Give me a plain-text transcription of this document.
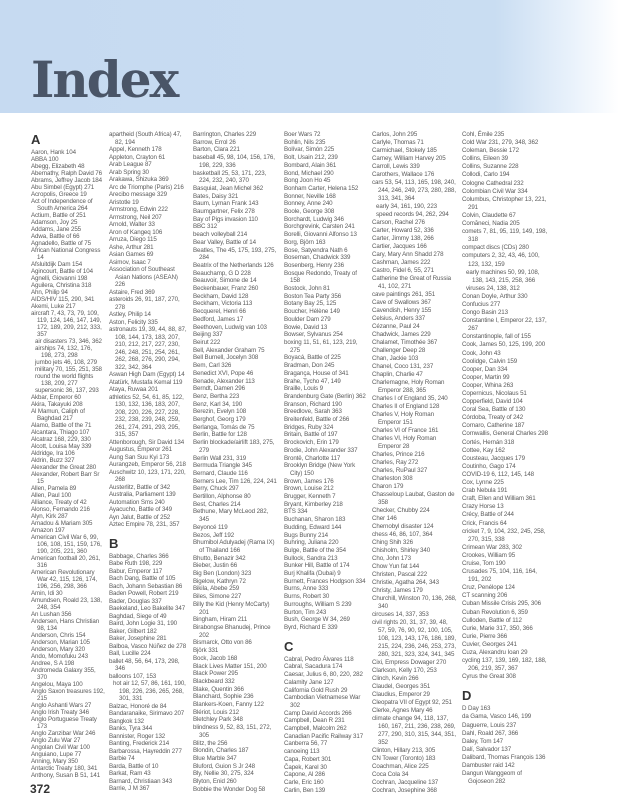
Index
A
Aaron, Hank 104
ABBA 100
Abegg, Elizabeth 48
Abernathy, Ralph David 76
Abrams, Jeffrey Jacob 184
Abu Simbel (Egypt) 271
Acropolis, Greece 19
Act of Independence of South America 264
Actium, Battle of 251
Adamson, Joy 25
Addams, Jane 255
Adwa, Battle of 66
Agnadello, Battle of 75
African National Congress 14
Afsluitdijk Dam 154
Agincourt, Battle of 104
Agnelli, Giovanni 198
Aguilera, Christina 318
Ahn, Philip 94
AIDS/HIV 115, 290, 341
Akemi, Luke 217
aircraft 7, 43, 73, 79, 109, 119, 124, 146, 147, 149, 172, 189, 209, 212, 333, 357
air disasters 73, 346, 362
airships 74, 132, 176, 198, 273, 298
jumbo jets 46, 108, 279
military 70, 155, 251, 358
round the world flights 138, 209, 277
supersonic 36, 137, 293
Akbar, Emperor 60
Akira, Takayuki 208
Al Mamun, Caliph of Baghdad 217
Alamo, Battle of the 71
Alcantara, Thiago 107
Alcatraz 168, 229, 330
Alcott, Louisa May 339
Aldridge, Ira 106
Aldrin, Buzz 327
Alexander the Great 280
Alexander, Robert Barr Sr 15
Allen, Pamela 89
Allen, Paul 100
Alliance, Treaty of 42
Alonso, Fernando 216
Alyn, Kirk 287
Amadou & Mariam 305
Amazon 197
American Civil War 6, 99, 106, 108, 151, 159, 176, 190, 205, 221, 360
American football 20, 261, 316
American Revolutionary War 42, 115, 126, 174, 196, 256, 298, 366
Amin, Idi 30
Amundsen, Roald 23, 138, 248, 354
An Lushan 356
Andersen, Hans Christian 98, 134
Anderson, Chris 154
Anderson, Marian 105
Anderson, Mary 320
Ando, Momofuku 243
Andree, S A 198
Andromeda Galaxy 355, 370
Angelou, Maya 100
Anglo Saxon treasures 192, 215
Anglo Ashanti Wars 27
Anglo Irish Treaty 346
Anglo Portuguese Treaty 173
Anglo Zanzibar War 246
Anglo Zulu War 27
Angolan Civil War 100
Anguiano, Lupe 77
Anning, Mary 350
Antarctic Treaty 180, 341
Anthony, Susan B 51, 141
apartheid (South Africa) 47, 82, 194
Appel, Kenneth 178
Appleton, Crayton 61
Arab League 87
Arab Spring 30
Arakawa, Shizuka 369
Arc de Triomphe (Paris) 216
Arecibo message 329
Aristotle 19
Armstrong, Edwin 222
Armstrong, Neil 207
Arnold, Walter 33
Aron of Kangeq 106
Arruza, Diego 115
Ashe, Arthur 281
Asian Games 69
Asimov, Isaac 7
Association of Southeast Asian Nations (ASEAN) 226
Astaire, Fred 369
asteroids 26, 91, 187, 270, 278
Astley, Philip 14
Aston, Felicity 335
astronauts 19, 39, 44, 88, 87, 108, 144, 173, 183, 207, 210, 212, 217, 227, 230, 246, 248, 251, 254, 261, 262, 268, 276, 290, 294, 322, 342, 364
Aswan High Dam (Egypt) 14
Atatürk, Mustafa Kemal 119
Ataya, Ruwaa 201
athletics 52, 54, 61, 85, 122, 130, 132, 136, 183, 207, 208, 220, 226, 227, 228, 232, 238, 239, 248, 259, 261, 274, 291, 293, 295, 315, 357
Attenborough, Sir David 134
Augustus, Emperor 261
Aung San Suu Kyi 173
Aurangzeb, Emperor 56, 218
Auschwitz 10, 123, 171, 220, 268
Austerlitz, Battle of 342
Australia, Parliament 139
Automation Sms 240
Ayacucho, Battle of 349
Ayn Jalut, Battle of 252
Aztec Empire 78, 231, 357
B
Babbage, Charles 366
Babe Ruth 198, 229
Babur, Emperor 117
Bach Dang, Battle of 105
Bach, Johann Sebastian 86
Baden Powell, Robert 219
Bader, Douglas 337
Baekeland, Leo Bakelite 347
Baghdad, Siege of 49
Baird, John Logie 31, 190
Baker, Gilbert 182
Baker, Josephine 281
Balboa, Vasco Núñez de 278
Ball, Lucille 224
ballet 48, 56, 64, 173, 298, 346
balloons 107, 153
hot air 12, 57, 86, 161, 190, 198, 226, 236, 265, 268, 301, 331
Balzac, Honoré de 84
Bandaranaike, Sirimavo 207
Bangkok 132
Banks, Tyra 344
Bannister, Roger 132
Banting, Frederick 214
Barbarossa, Hayreddin 277
Barbie 74
Barda, Battle of 10
Barkat, Ram 43
Barnard, Christiaan 343
Barrie, J M 367
Barrington, Charles 229
Barrow, Errol 26
Barton, Clara 221
baseball 45, 98, 104, 156, 176, 198, 229, 336
basketball 25, 53, 171, 223, 224, 232, 240, 370
Basquiat, Jean Michel 362
Bates, Daisy 321
Baum, Lyman Frank 143
Baumgartner, Felix 278
Bay of Pigs invasion 110
BBC 312
beach volleyball 214
Bear Valley, Battle of 14
Beatles, The 45, 175, 193, 275, 284
Beatrix of the Netherlands 126
Beauchamp, G D 228
Beauvoir, Simone de 14
Beckenbauer, Franz 260
Beckham, David 128
Beckham, Victoria 113
Becquerel, Henri 66
Bedford, James 17
Beethoven, Ludwig van 103
Beijing 337
Beirut 222
Bell, Alexander Graham 75
Bell Burnell, Jocelyn 308
Bem, Carl 326
Benedict XVI, Pope 46
Benade, Alexander 113
Berndt, Damen 296
Benz, Bertha 223
Benz, Karl 34, 190
Berezin, Evelyn 108
Berghof, Georg 179
Berlanga, Tomás de 75
Berlin, Battle for 128
Berlin blockade/airlift 183, 275, 279
Berlin Wall 231, 319
Bermuda Triangle 345
Bernard, Claude 116
Berners Lee, Tim 126, 224, 241
Berry, Chuck 297
Bertillon, Alphonse 80
Best, Charles 214
Bethune, Mary McLeod 282, 345
Beyoncé 119
Bezos, Jeff 192
Bhumibol Adulyadej (Rama IX) of Thailand 166
Bhutto, Benazir 342
Bieber, Justin 66
Big Ben (London) 323
Bigelow, Kathryn 72
Bikila, Abebe 259
Biles, Simone 227
Billy the Kid (Henry McCarty) 201
Bingham, Hiram 211
Birabongse Bhanudej, Prince 202
Bismarck, Otto von 86
Björk 331
Bock, Jacob 168
Black Lives Matter 151, 200
Black Power 295
Blackbeard 332
Blake, Quentin 366
Blanchard, Sophie 236
Blankers-Koen, Fanny 122
Blériot, Louis 212
Bletchley Park 348
blindness 9, 52, 83, 151, 272, 305
Blitz, the 256
Blondin, Charles 187
Blue Marble 347
Bluford, Guion S Jr 248
Bly, Nellie 30, 275, 324
Blyton, Enid 260
Bobbie the Wonder Dog 58
Boer Wars 72
Bohlin, Nils 235
Bolívar, Simón 225
Bolt, Usain 212, 239
Bombard, Alain 361
Bond, Michael 290
Bong Joon Ho 45
Bonham Carter, Helena 152
Bonner, Neville 168
Bonney, Anne 240
Boole, George 308
Borchardt, Ludwig 346
Borchgrevink, Carsten 241
Borelli, Giovanni Alfonso 13
Borg, Björn 163
Bose, Satyendra Nath 6
Boseman, Chadwick 339
Bosenberg, Henry 236
Bosque Redondo, Treaty of 158
Bostock, John 81
Boston Tea Party 356
Botany Bay 25, 125
Boucher, Hélène 149
Boulder Dam 279
Bowie, David 13
Bowser, Sylvanus 254
boxing 11, 51, 61, 123, 219, 275
Boyacá, Battle of 225
Bradman, Don 245
Bragança, House of 341
Brahe, Tycho 47, 149
Braille, Louis 9
Brandenburg Gate (Berlin) 362
Branson, Richard 190
Breedlove, Sarah 363
Breitenfeld, Battle of 266
Bridges, Ruby 324
Britain, Battle of 197
Brockovich, Erin 179
Brodie, John Alexander 337
Brontë, Charlotte 117
Brooklyn Bridge (New York City) 150
Brown, James 176
Brown, Louise 212
Brugger, Kenneth 7
Bryant, Kimberley 218
BTS 334
Buchanan, Sharon 183
Budding, Edward 144
Bugs Bunny 214
Buhring, Juliana 220
Bulge, Battle of the 354
Bullock, Sandra 213
Bunker Hill, Battle of 174
Burj Khalifa (Dubai) 9
Burnett, Frances Hodgson 334
Burns, Anne 333
Burns, Robert 30
Burroughs, William S 239
Burton, Tim 243
Bush, George W 34, 269
Byrd, Richard E 339
C
Cabral, Pedro Álvares 118
Cabral, Sacadura 174
Caesar, Julius 6, 80, 220, 282
Calamity Jane 127
California Gold Rush 29
Cambodian Vietnamese War 302
Camp David Accords 266
Campbell, Dean R 231
Campbell, Malcolm 262
Canadian Pacific Railway 317
Canberra 56, 77
canoeing 113
Capa, Robert 301
Čapek, Karel 30
Capone, Al 286
Carle, Eric 160
Carlin, Ben 139
Carlos, John 295
Carlyle, Thomas 71
Carmichael, Stokely 185
Carney, William Harvey 205
Carroll, Lewis 339
Carothers, Wallace 176
cars 53, 54, 113, 165, 198, 240, 244, 246, 249, 273, 280, 288, 313, 341, 364
early 34, 161, 190, 223
speed records 94, 262, 294
Carson, Rachel 276
Carter, Howard 52, 336
Carter, Jimmy 138, 266
Cartier, Jacques 166
Cary, Mary Ann Shadd 278
Cashman, James 222
Castro, Fidel 6, 55, 271
Catherine the Great of Russia 41, 102, 271
cave paintings 261, 351
Cave of Swallows 367
Cavendish, Henry 155
Celsius, Anders 337
Cézanne, Paul 24
Chadwick, James 229
Chalamet, Timothée 367
Challenger Deep 28
Chan, Jackie 103
Chanel, Coco 131, 237
Chaplin, Charlie 47
Charlemagne, Holy Roman Emperor 288, 365
Charles I of England 35, 240
Charles II of England 128
Charles V, Holy Roman Emperor 151
Charles VI of France 161
Charles VI, Holy Roman Emperor 28
Charles, Prince 216
Charles, Ray 272
Charles, RuPaul 327
Charleston 308
Charon 179
Chasseloup Laubat, Gaston de 358
Checker, Chubby 224
Cher 146
Chernobyl disaster 124
chess 46, 86, 107, 364
Ching Shih 326
Chisholm, Shirley 340
Cho, John 173
Chow Yun fat 144
Christen, Pascal 222
Christie, Agatha 264, 343
Christy, James 179
Churchill, Winston 70, 136, 268, 340
circuses 14, 337, 353
civil rights 20, 31, 37, 39, 48, 57, 59, 76, 90, 92, 100, 105, 108, 123, 143, 176, 186, 189, 215, 224, 236, 246, 253, 273, 280, 321, 323, 324, 341, 345
Cixi, Empress Dowager 270
Clarkson, Kelly 170, 253
Clinch, Kevin 266
Claudel, Georges 351
Claudius, Emperor 29
Cleopatra VII of Egypt 92, 251
Clerke, Agnes Mary 46
climate change 94, 118, 137, 160, 167, 211, 236, 238, 269, 277, 290, 310, 315, 344, 351, 352
Clinton, Hillary 213, 305
CN Tower (Toronto) 183
Coachman, Alice 225
Coca Cola 34
Cochran, Jacqueline 137
Cochran, Josephine 368
Cohl, Émile 235
Cold War 231, 279, 348, 362
Coleman, Bessie 172
Collins, Eileen 39
Collins, Suzanne 228
Collodi, Carlo 194
Cologne Cathedral 232
Colombian Civil War 334
Columbus, Christopher 13, 221, 291
Colvin, Claudette 67
Comăneci, Nadia 205
comets 7, 81, 95, 119, 149, 198, 318
compact discs (CDs) 280
computers 2, 32, 43, 46, 100, 123, 132, 159
early machines 50, 99, 108, 138, 143, 215, 258, 366
viruses 24, 138, 312
Conan Doyle, Arthur 330
Confucius 277
Congo Basin 213
Constantine I, Emperor 22, 137, 267
Constantinople, fall of 155
Cook, James 50, 125, 199, 200
Cook, John 43
Coolidge, Calvin 159
Cooper, Dan 334
Cooper, Martin 99
Cooper, Whina 263
Copernicus, Nicolaus 51
Copperfield, David 104
Coral Sea, Battle of 130
Córdoba, Treaty of 242
Cornaro, Catherine 187
Cornwallis, General Charles 298
Cortés, Hernán 318
Cottee, Kay 162
Cousteau, Jacques 179
Coutinho, Gago 174
COVID-19 6, 112, 145, 148
Cox, Lynne 225
Crab Nebula 191
Craft, Ellen and William 361
Crazy Horse 13
Crécy, Battle of 244
Crick, Francis 64
cricket 7, 9, 104, 232, 245, 258, 270, 315, 338
Crimean War 283, 302
Crookes, William 95
Cruise, Tom 190
Crusades 75, 104, 116, 164, 191, 202
Cruz, Penélope 124
CT scanning 206
Cuban Missile Crisis 295, 306
Cuban Revolution 6, 359
Culloden, Battle of 112
Curie, Marie 317, 350, 366
Curie, Pierre 366
Cuvier, Georges 241
Cuza, Alexandru Ioan 29
cycling 137, 139, 169, 182, 188, 206, 219, 357, 367
Cyrus the Great 308
D
D Day 163
da Gama, Vasco 146, 199
Daguerre, Louis 237
Dahl, Roald 267, 366
Daley, Tom 147
Dalí, Salvador 137
Dalibard, Thomas François 136
Dambuster raid 142
Dangun Wanggeom of Gojoseon 282
372
